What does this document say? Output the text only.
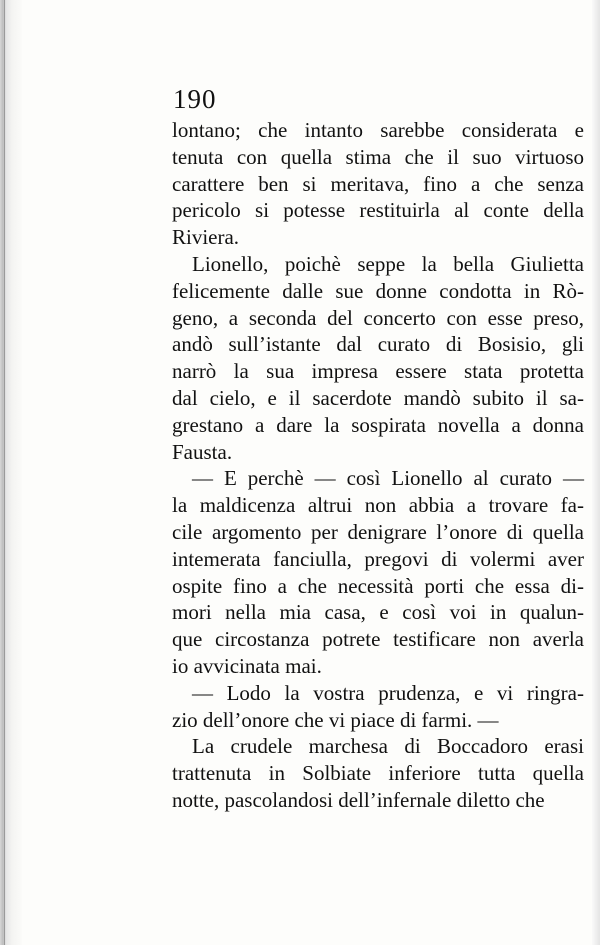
190
lontano; che intanto sarebbe considerata e
tenuta con quella stima che il suo virtuoso
carattere ben si meritava, fino a che senza
pericolo si potesse restituirla al conte della
Riviera.
Lionello, poichè seppe la bella Giulietta
felicemente dalle sue donne condotta in Rò-
geno, a seconda del concerto con esse preso,
andò sull’istante dal curato di Bosisio, gli
narrò la sua impresa essere stata protetta
dal cielo, e il sacerdote mandò subito il sa-
grestano a dare la sospirata novella a donna
Fausta.
— E perchè — così Lionello al curato —
la maldicenza altrui non abbia a trovare fa-
cile argomento per denigrare l’onore di quella
intemerata fanciulla, pregovi di volermi aver
ospite fino a che necessità porti che essa di-
mori nella mia casa, e così voi in qualun-
que circostanza potrete testificare non averla
io avvicinata mai.
— Lodo la vostra prudenza, e vi ringra-
zio dell’onore che vi piace di farmi. —
La crudele marchesa di Boccadoro erasi
trattenuta in Solbiate inferiore tutta quella
notte, pascolandosi dell’infernale diletto che
